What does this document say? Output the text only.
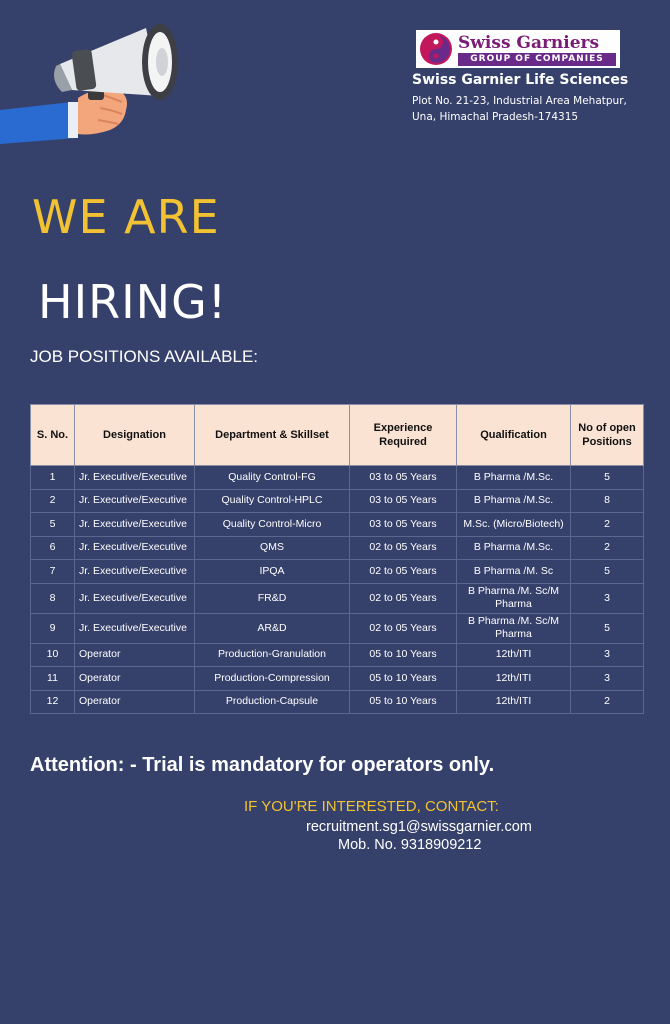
Swiss Garniers
GROUP OF COMPANIES
Swiss Garnier Life Sciences
Plot No. 21-23, Industrial Area Mehatpur,
Una, Himachal Pradesh-174315
WE ARE
HIRING!
JOB POSITIONS AVAILABLE:
S. No.	Designation	Department & Skillset	Experience Required	Qualification	No of open Positions
1	Jr. Executive/Executive	Quality Control-FG	03 to 05 Years	B Pharma /M.Sc.	5
2	Jr. Executive/Executive	Quality Control-HPLC	03 to 05 Years	B Pharma /M.Sc.	8
5	Jr. Executive/Executive	Quality Control-Micro	03 to 05 Years	M.Sc. (Micro/Biotech)	2
6	Jr. Executive/Executive	QMS	02 to 05 Years	B Pharma /M.Sc.	2
7	Jr. Executive/Executive	IPQA	02 to 05 Years	B Pharma /M. Sc	5
8	Jr. Executive/Executive	FR&D	02 to 05 Years	B Pharma /M. Sc/M Pharma	3
9	Jr. Executive/Executive	AR&D	02 to 05 Years	B Pharma /M. Sc/M Pharma	5
10	Operator	Production-Granulation	05 to 10 Years	12th/ITI	3
11	Operator	Production-Compression	05 to 10 Years	12th/ITI	3
12	Operator	Production-Capsule	05 to 10 Years	12th/ITI	2
Attention: - Trial is mandatory for operators only.
IF YOU'RE INTERESTED, CONTACT:
recruitment.sg1@swissgarnier.com
Mob. No. 9318909212
